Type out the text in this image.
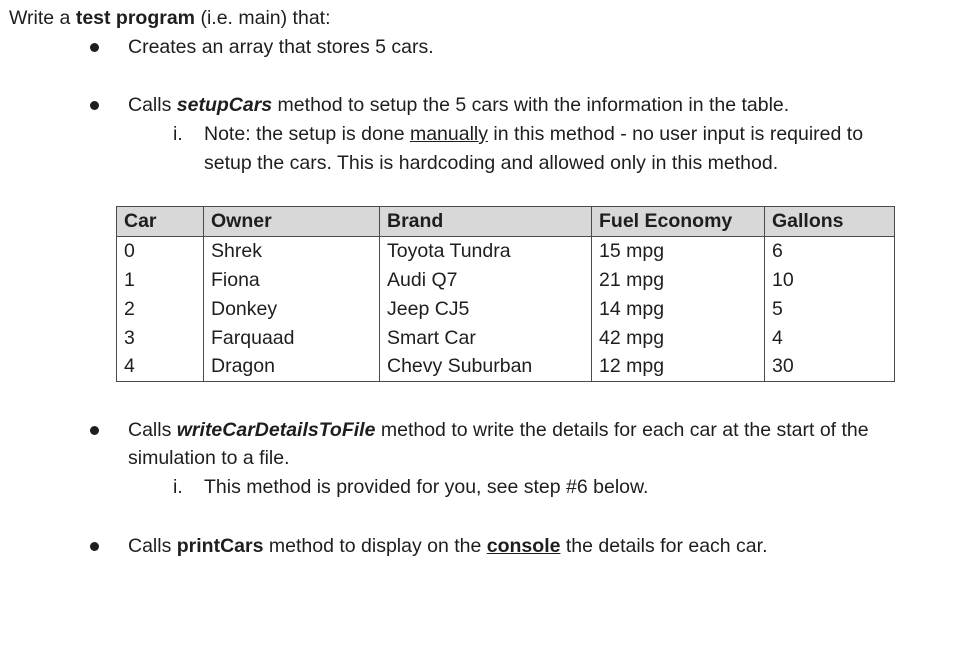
Write a test program (i.e. main) that:
Creates an array that stores 5 cars.
Calls setupCars method to setup the 5 cars with the information in the table.
i. Note: the setup is done manually in this method - no user input is required to
setup the cars. This is hardcoding and allowed only in this method.
Car	Owner	Brand	Fuel Economy	Gallons
0	Shrek	Toyota Tundra	15 mpg	6
1	Fiona	Audi Q7	21 mpg	10
2	Donkey	Jeep CJ5	14 mpg	5
3	Farquaad	Smart Car	42 mpg	4
4	Dragon	Chevy Suburban	12 mpg	30
Calls writeCarDetailsToFile method to write the details for each car at the start of the
simulation to a file.
i. This method is provided for you, see step #6 below.
Calls printCars method to display on the console the details for each car.
